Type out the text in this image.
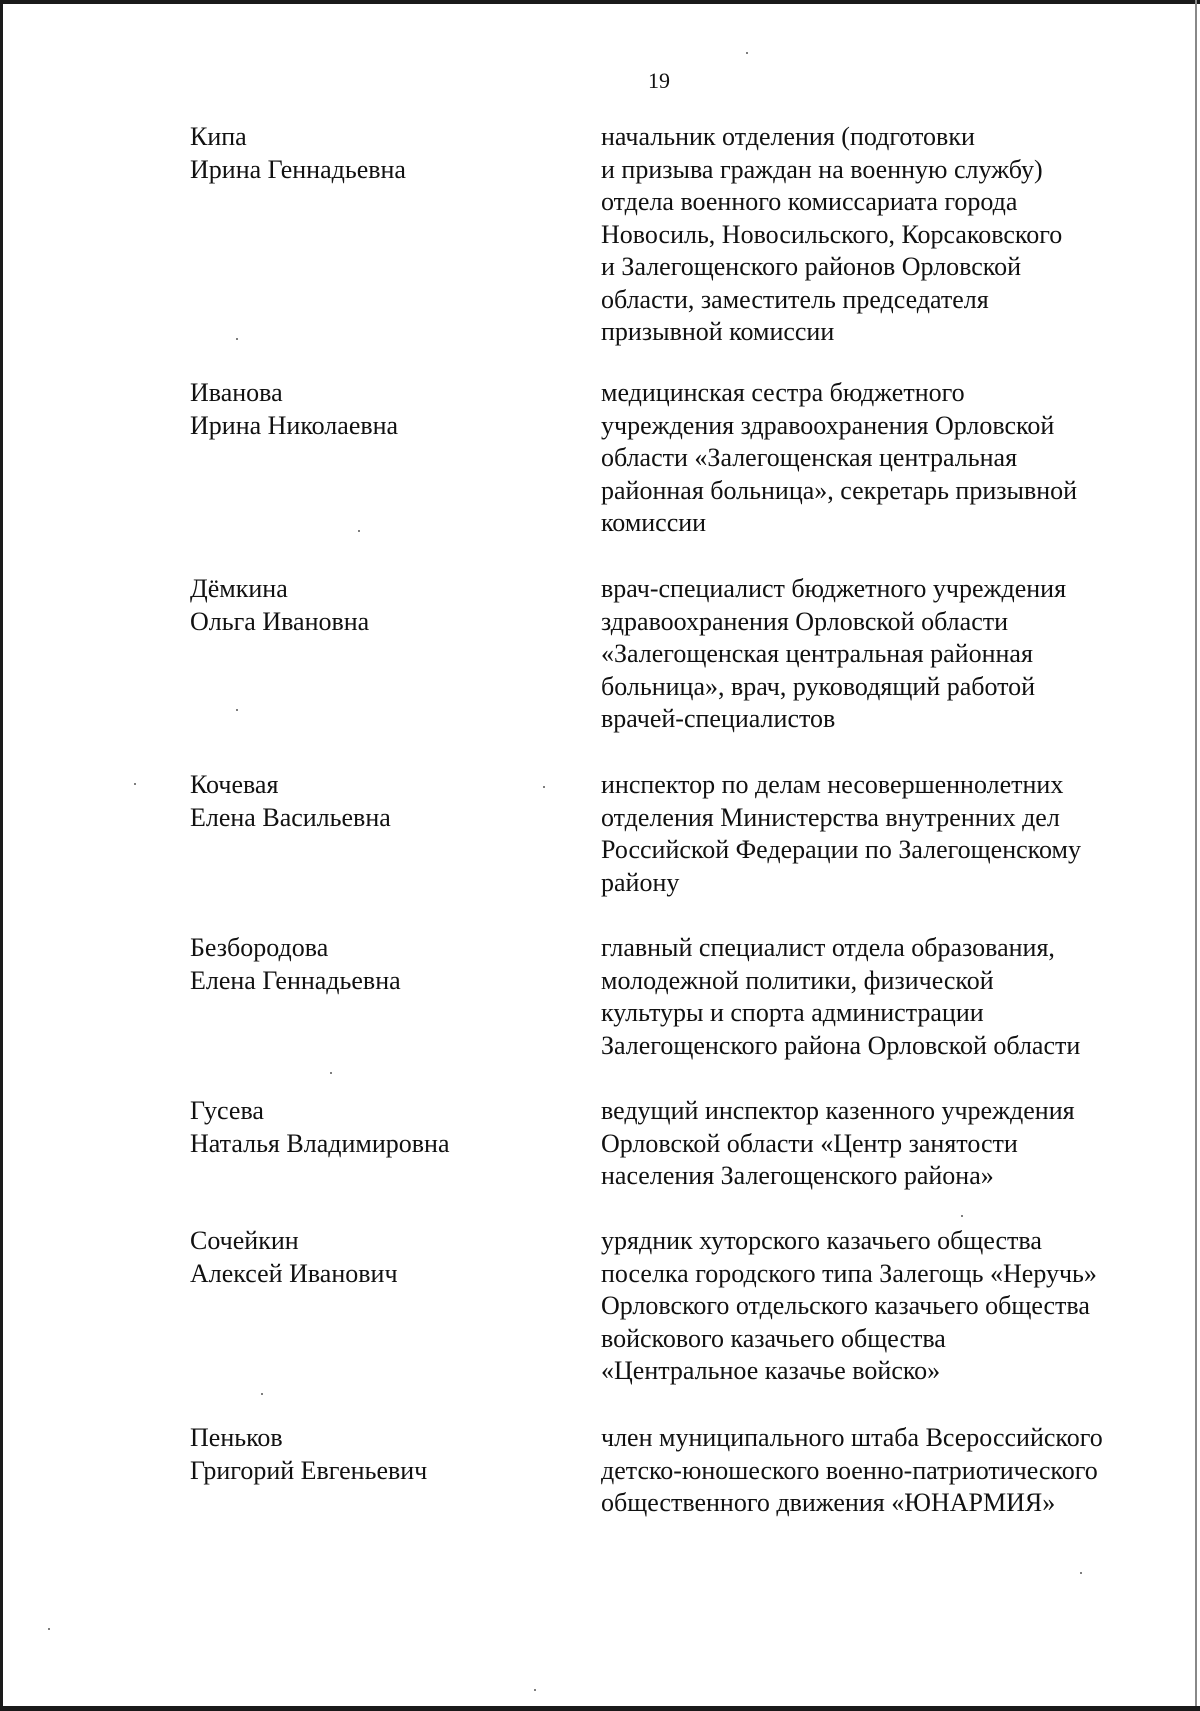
19
Кипа
Ирина Геннадьевна
начальник отделения (подготовки
и призыва граждан на военную службу)
отдела военного комиссариата города
Новосиль, Новосильского, Корсаковского
и Залегощенского районов Орловской
области, заместитель председателя
призывной комиссии
Иванова
Ирина Николаевна
медицинская сестра бюджетного
учреждения здравоохранения Орловской
области «Залегощенская центральная
районная больница», секретарь призывной
комиссии
Дёмкина
Ольга Ивановна
врач-специалист бюджетного учреждения
здравоохранения Орловской области
«Залегощенская центральная районная
больница», врач, руководящий работой
врачей-специалистов
Кочевая
Елена Васильевна
инспектор по делам несовершеннолетних
отделения Министерства внутренних дел
Российской Федерации по Залегощенскому
району
Безбородова
Елена Геннадьевна
главный специалист отдела образования,
молодежной политики, физической
культуры и спорта администрации
Залегощенского района Орловской области
Гусева
Наталья Владимировна
ведущий инспектор казенного учреждения
Орловской области «Центр занятости
населения Залегощенского района»
Сочейкин
Алексей Иванович
урядник хуторского казачьего общества
поселка городского типа Залегощь «Неручь»
Орловского отдельского казачьего общества
войскового казачьего общества
«Центральное казачье войско»
Пеньков
Григорий Евгеньевич
член муниципального штаба Всероссийского
детско-юношеского военно-патриотического
общественного движения «ЮНАРМИЯ»
